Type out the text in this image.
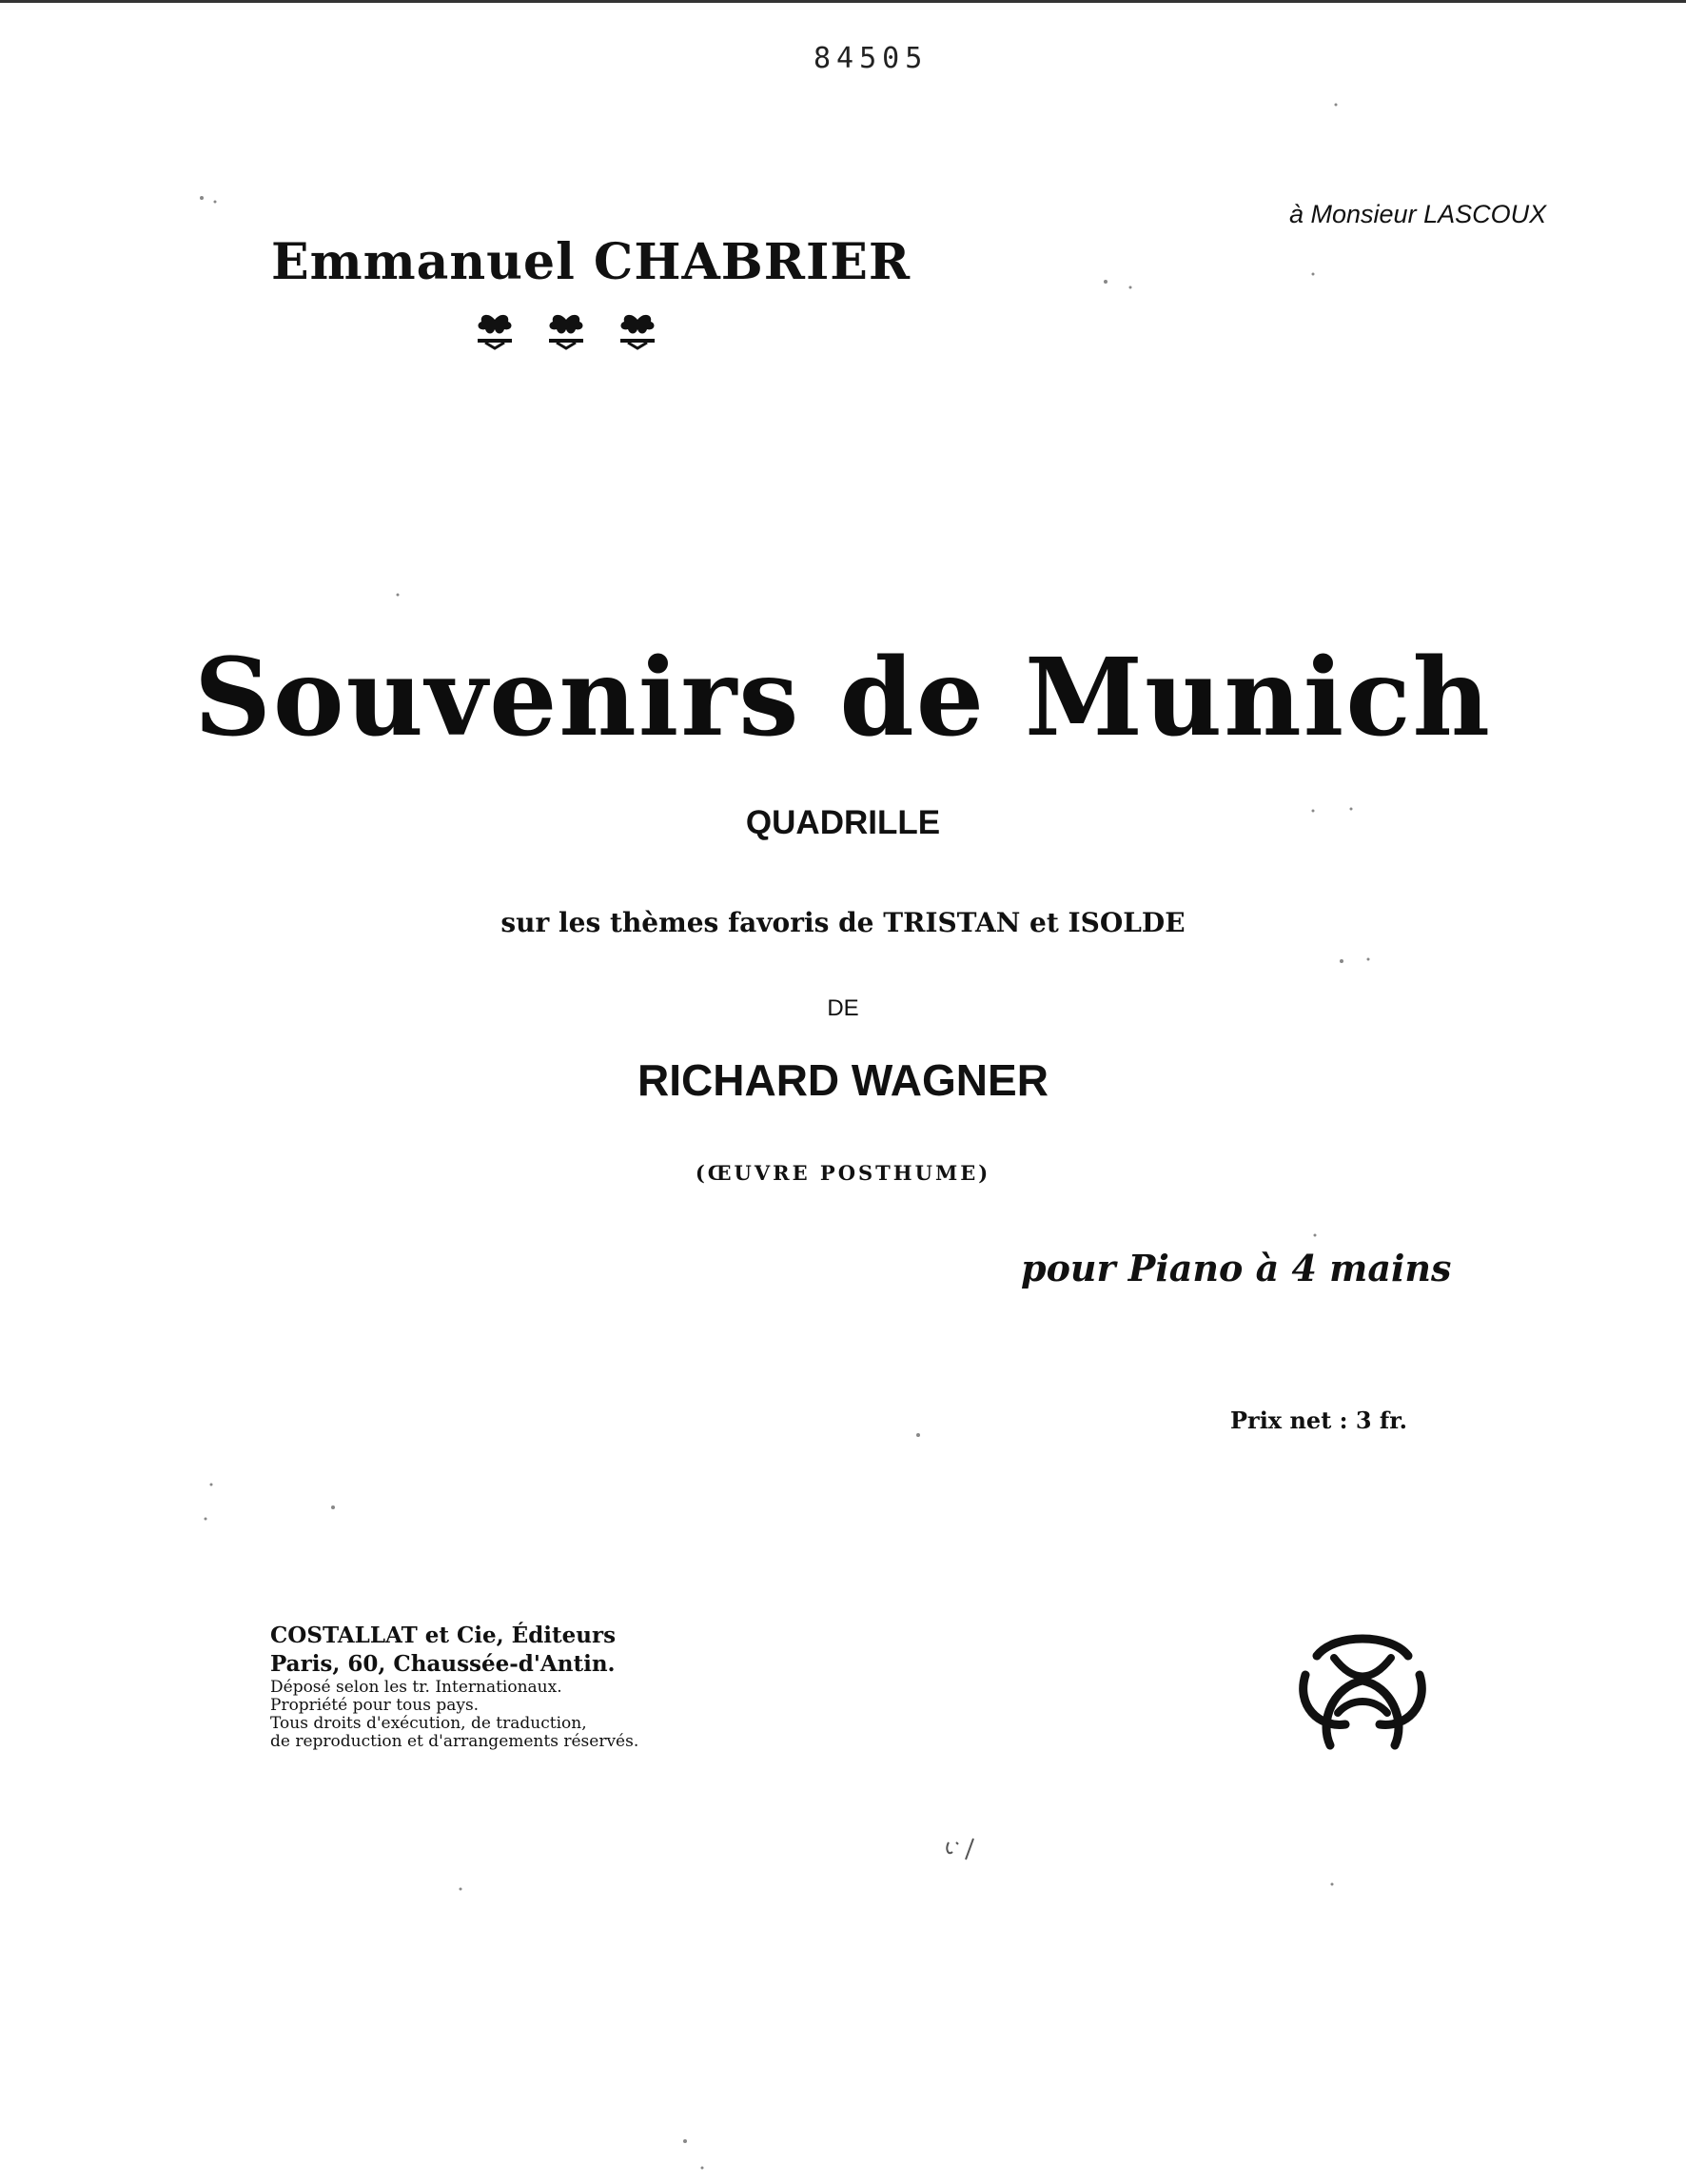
84505
à Monsieur LASCOUX
Emmanuel CHABRIER
Souvenirs de Munich
QUADRILLE
sur les thèmes favoris de TRISTAN et ISOLDE
DE
RICHARD WAGNER
(ŒUVRE POSTHUME)
pour Piano à 4 mains
Prix net : 3 fr.
COSTALLAT et Cie, Éditeurs
Paris, 60, Chaussée-d'Antin.
Déposé selon les tr. Internationaux.
Propriété pour tous pays.
Tous droits d'exécution, de traduction,
de reproduction et d'arrangements réservés.
